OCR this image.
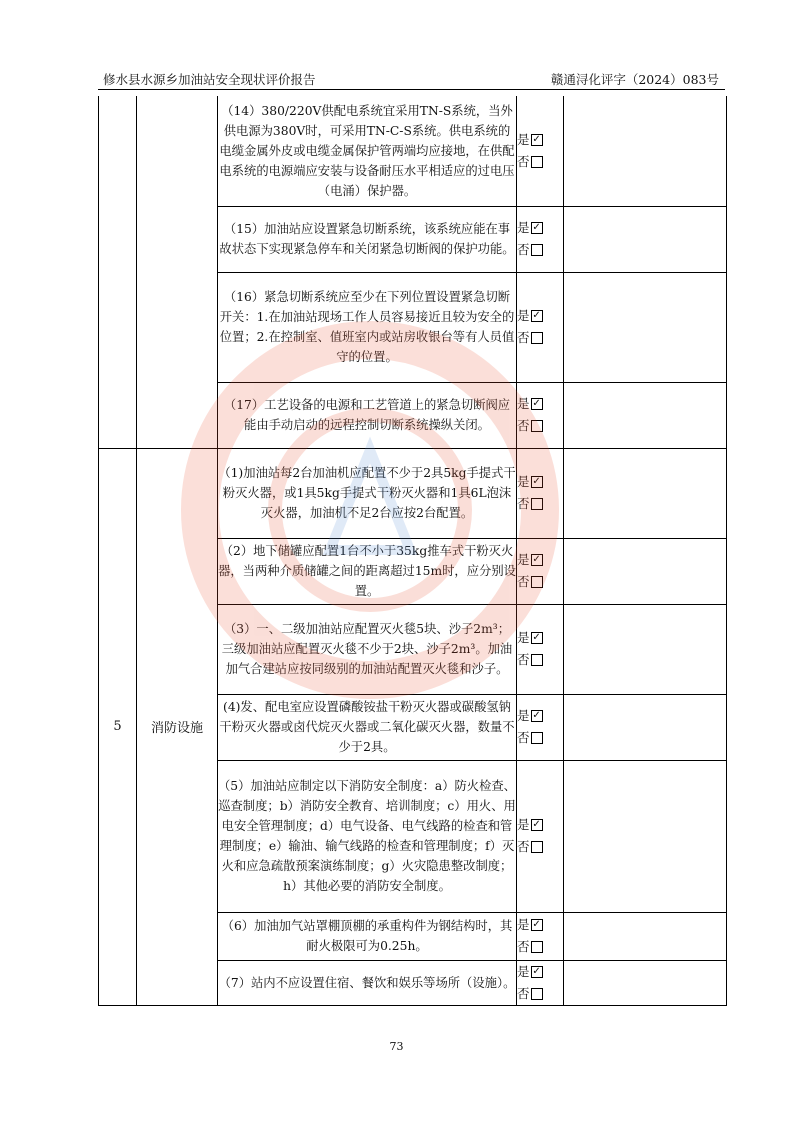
修水县水源乡加油站安全现状评价报告	赣通浔化评字（2024）083号
		（14）380/220V供配电系统宜采用TN-S系统，当外供电源为380V时，可采用TN-C-S系统。供电系统的电缆金属外皮或电缆金属保护管两端均应接地，在供配电系统的电源端应安装与设备耐压水平相适应的过电压（电涌）保护器。	是 ✓
否	

		（15）加油站应设置紧急切断系统，该系统应能在事故状态下实现紧急停车和关闭紧急切断阀的保护功能。	是 ✓
否	

		（16）紧急切断系统应至少在下列位置设置紧急切断开关：1.在加油站现场工作人员容易接近且较为安全的位置；2.在控制室、值班室内或站房收银台等有人员值守的位置。	是 ✓
否	

		（17）工艺设备的电源和工艺管道上的紧急切断阀应能由手动启动的远程控制切断系统操纵关闭。	是 ✓
否	

5	消防设施	（1)加油站每2台加油机应配置不少于2具5kg手提式干粉灭火器，或1具5kg手提式干粉灭火器和1具6L泡沫灭火器，加油机不足2台应按2台配置。	是 ✓
否	

		（2）地下储罐应配置1台不小于35kg推车式干粉灭火器，当两种介质储罐之间的距离超过15m时，应分别设置。	是 ✓
否	

		（3）一、二级加油站应配置灭火毯5块、沙子2m³；三级加油站应配置灭火毯不少于2块、沙子2m³。加油加气合建站应按同级别的加油站配置灭火毯和沙子。	是 ✓
否	

		(4)发、配电室应设置磷酸铵盐干粉灭火器或碳酸氢钠干粉灭火器或卤代烷灭火器或二氧化碳灭火器，数量不少于2具。	是 ✓
否	

		（5）加油站应制定以下消防安全制度：a）防火检查、巡查制度；b）消防安全教育、培训制度；c）用火、用电安全管理制度；d）电气设备、电气线路的检查和管理制度；e）输油、输气线路的检查和管理制度；f）灭火和应急疏散预案演练制度；g）火灾隐患整改制度；h）其他必要的消防安全制度。	是 ✓
否	

		（6）加油加气站罩棚顶棚的承重构件为钢结构时，其耐火极限可为0.25h。	是 ✓
否	

		（7）站内不应设置住宿、餐饮和娱乐等场所（设施）。	是 ✓
否	

73
